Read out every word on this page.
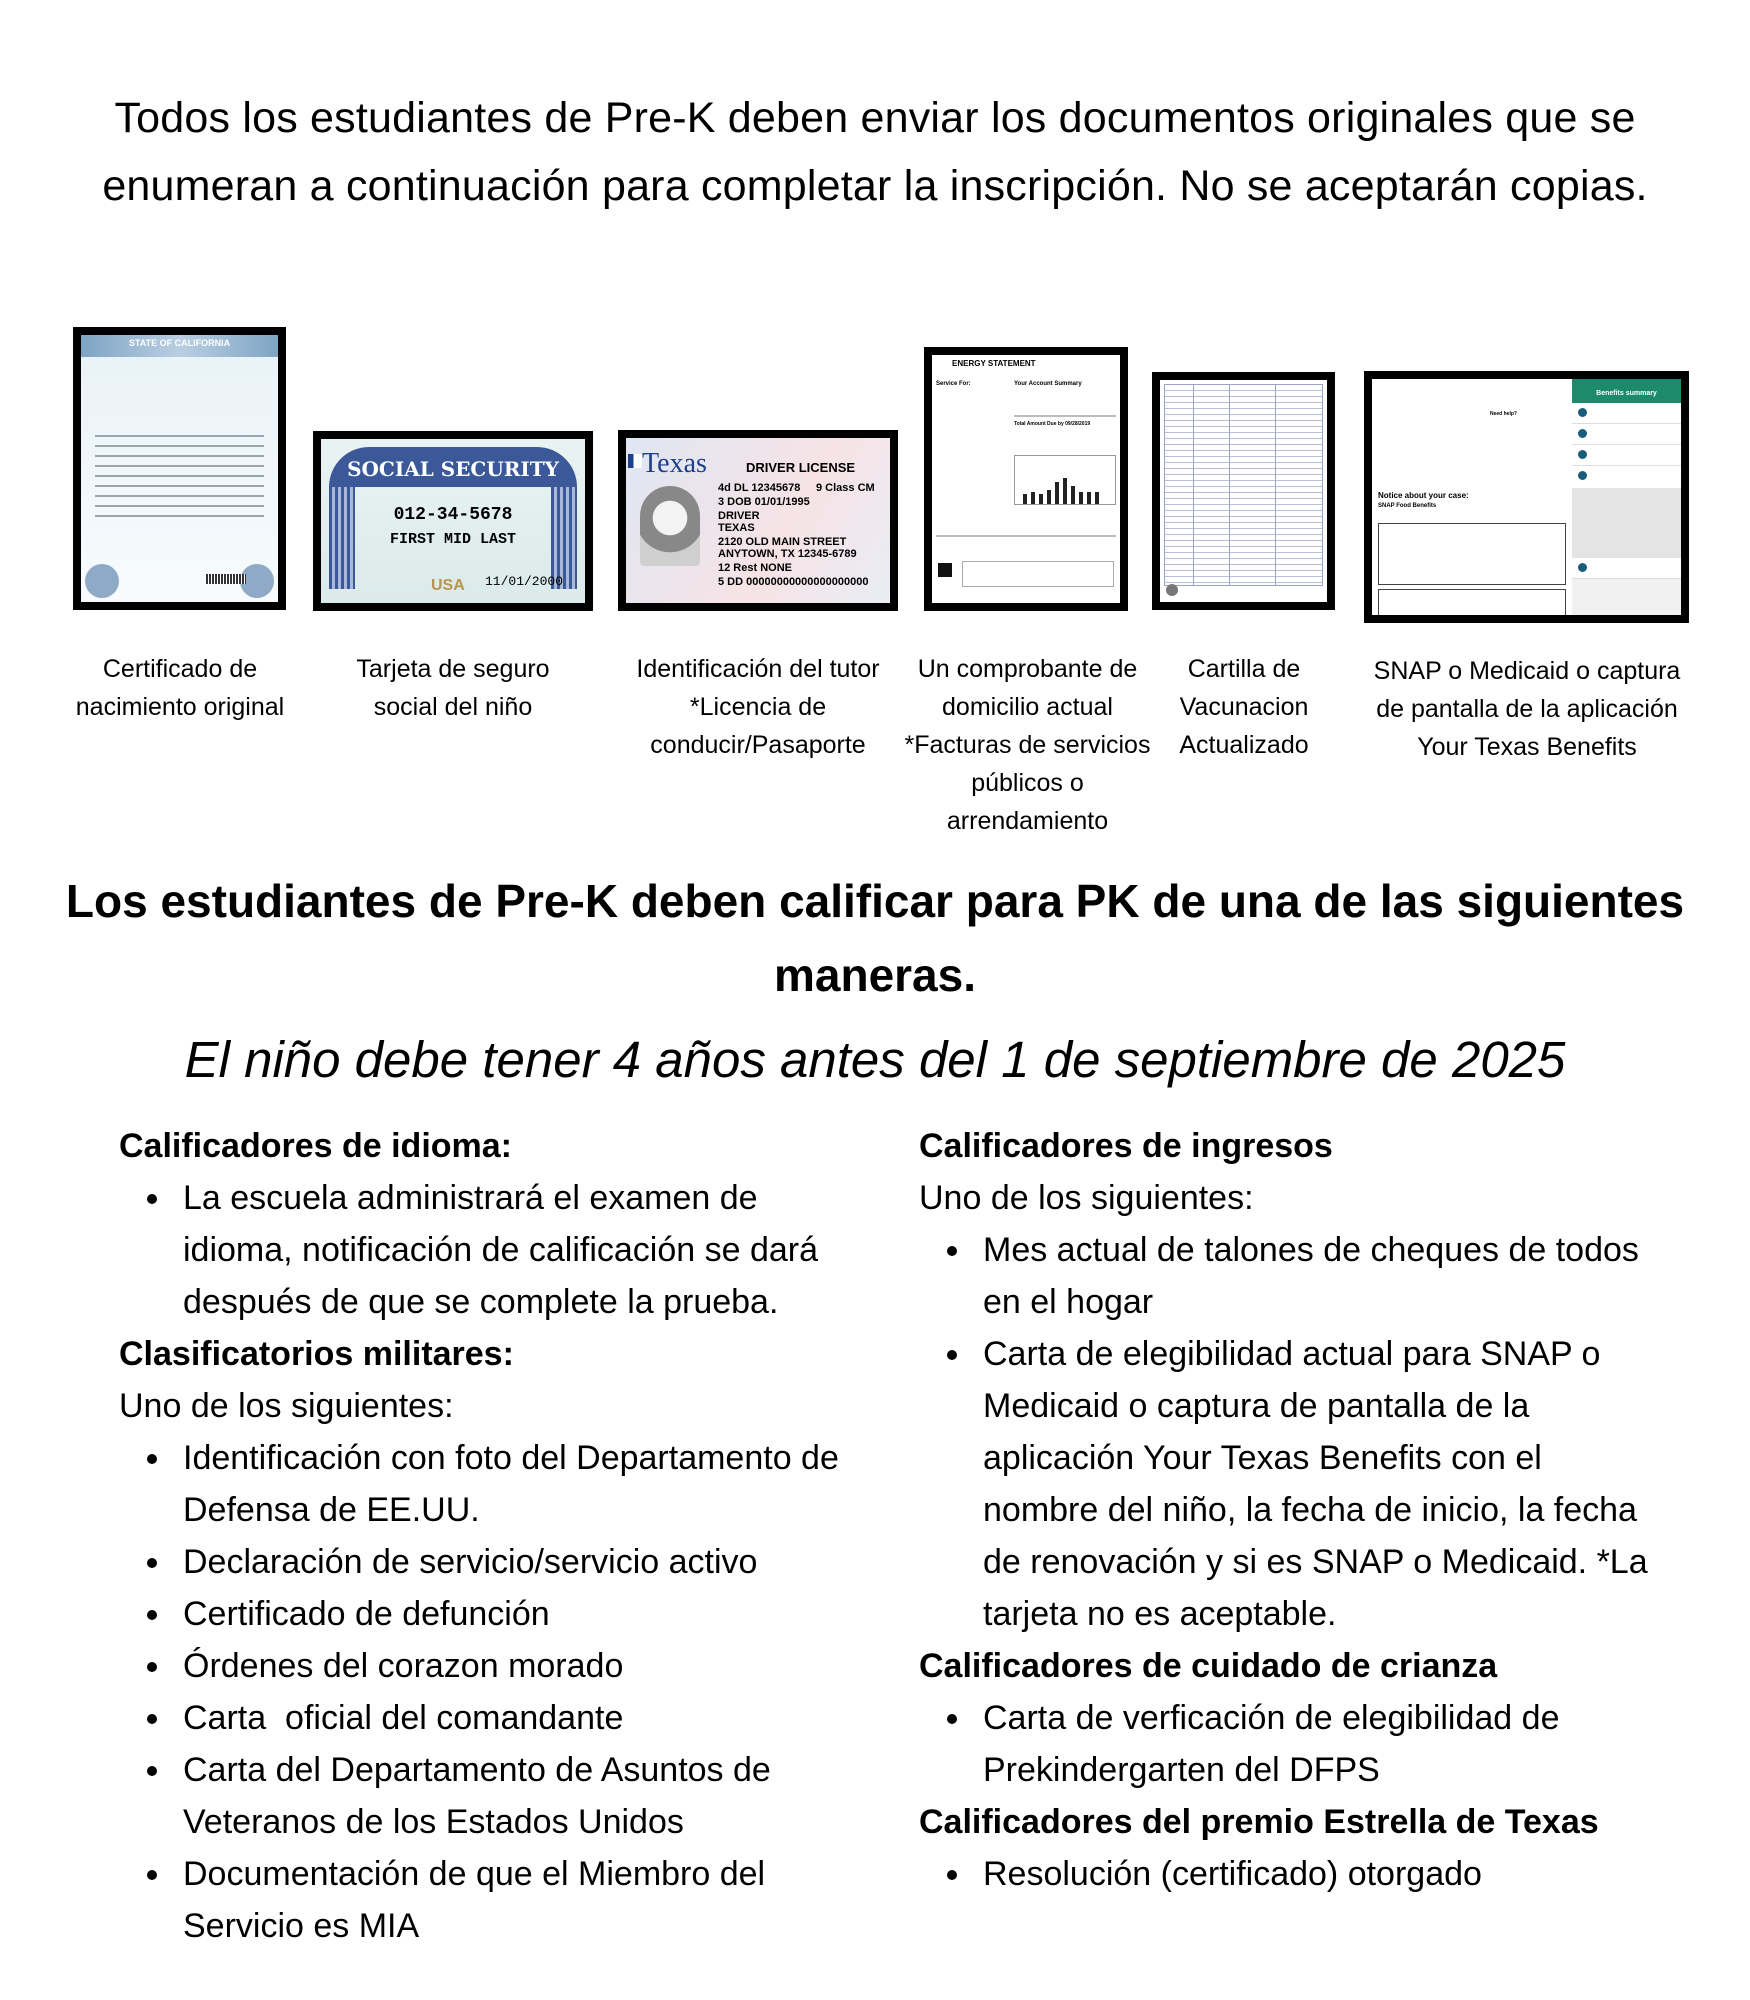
Todos los estudiantes de Pre-K deben enviar los documentos originales que se enumeran a continuación para completar la inscripción. No se aceptarán copias.
STATE OF CALIFORNIA
SOCIAL SECURITY
012-34-5678
FIRST MID LAST
11/01/2000
USA
Texas	DRIVER LICENSE
4d DL 12345678
3 DOB 01/01/1995
DRIVER
TEXAS
2120 OLD MAIN STREET
ANYTOWN, TX 12345-6789
12 Rest NONE
5 DD 00000000000000000000
9 Class CM
ENERGY STATEMENT
Your Account Summary
Service For:
Total Amount Due by 09/28/2019
Notice about your case:
SNAP Food Benefits
Need help?
Benefits summary
Certificado de nacimiento original
Tarjeta de seguro social del niño
Identificación del tutor *Licencia de conducir/Pasaporte
Un comprobante de domicilio actual *Facturas de servicios públicos o arrendamiento
Cartilla de Vacunacion Actualizado
SNAP o Medicaid o captura de pantalla de la aplicación Your Texas Benefits
Los estudiantes de Pre-K deben calificar para PK de una de las siguientes maneras.
El niño debe tener 4 años antes del 1 de septiembre de 2025
Calificadores de idioma:
La escuela administrará el examen de idioma, notificación de calificación se dará después de que se complete la prueba.
Clasificatorios militares:
Uno de los siguientes:
Identificación con foto del Departamento de Defensa de EE.UU.
Declaración de servicio/servicio activo
Certificado de defunción
Órdenes del corazon morado
Carta  oficial del comandante
Carta del Departamento de Asuntos de Veteranos de los Estados Unidos
Documentación de que el Miembro del Servicio es MIA
Calificadores de ingresos
Uno de los siguientes:
Mes actual de talones de cheques de todos en el hogar
Carta de elegibilidad actual para SNAP o Medicaid o captura de pantalla de la aplicación Your Texas Benefits con el nombre del niño, la fecha de inicio, la fecha de renovación y si es SNAP o Medicaid. *La tarjeta no es aceptable.
Calificadores de cuidado de crianza
Carta de verficación de elegibilidad de Prekindergarten del DFPS
Calificadores del premio Estrella de Texas
Resolución (certificado) otorgado
